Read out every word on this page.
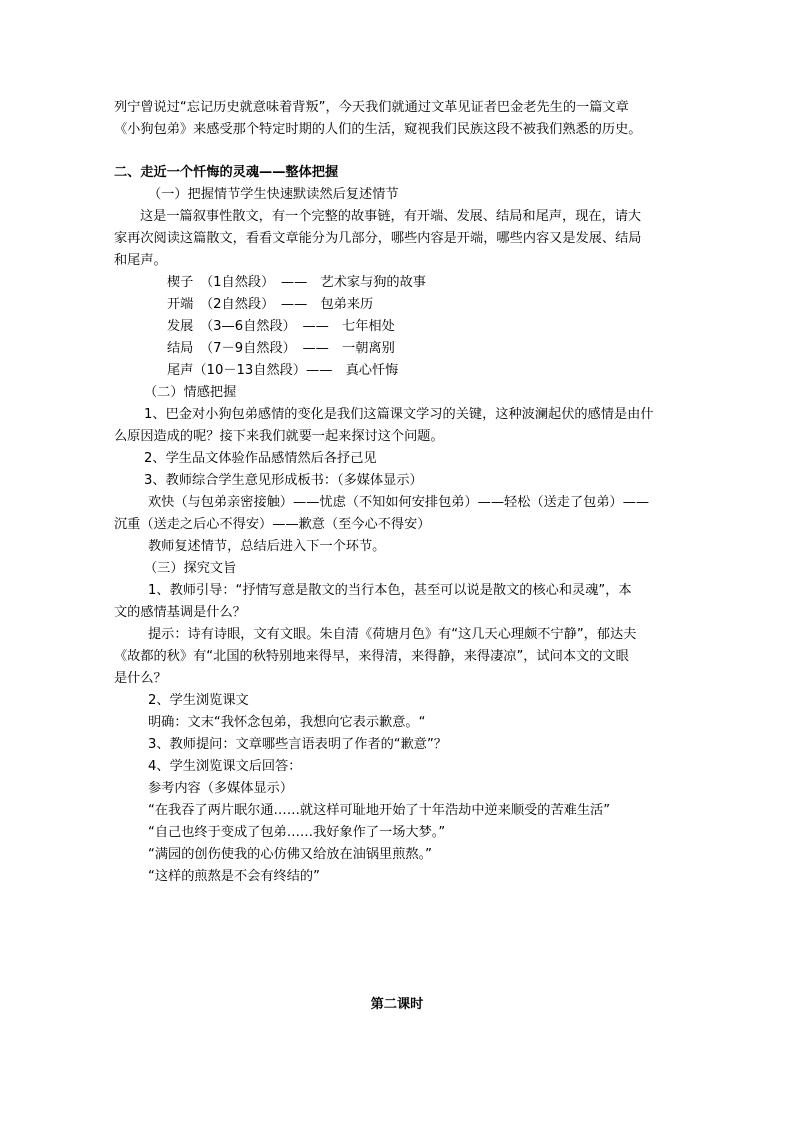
列宁曾说过“忘记历史就意味着背叛”，今天我们就通过文革见证者巴金老先生的一篇文章
《小狗包弟》来感受那个特定时期的人们的生活，窥视我们民族这段不被我们熟悉的历史。
二、走近一个忏悔的灵魂——整体把握
（一）把握情节学生快速默读然后复述情节
这是一篇叙事性散文，有一个完整的故事链，有开端、发展、结局和尾声，现在，请大
家再次阅读这篇散文，看看文章能分为几部分，哪些内容是开端，哪些内容又是发展、结局
和尾声。
楔子　（1自然段）　——　艺术家与狗的故事
开端　（2自然段）　——　包弟来历
发展　（3—6自然段）　——　七年相处
结局　（7－9自然段）　——　一朝离别
尾声（10－13自然段）——　真心忏悔
（二）情感把握
1、巴金对小狗包弟感情的变化是我们这篇课文学习的关键，这种波澜起伏的感情是由什
么原因造成的呢？接下来我们就要一起来探讨这个问题。
2、学生品文体验作品感情然后各抒己见
3、教师综合学生意见形成板书：（多媒体显示）
欢快（与包弟亲密接触）——忧虑（不知如何安排包弟）——轻松（送走了包弟）——
沉重（送走之后心不得安）——歉意（至今心不得安）
教师复述情节，总结后进入下一个环节。
（三）探究文旨
1、教师引导：“抒情写意是散文的当行本色，甚至可以说是散文的核心和灵魂”，本
文的感情基调是什么？
提示：诗有诗眼，文有文眼。朱自清《荷塘月色》有“这几天心理颇不宁静”，郁达夫
《故都的秋》有“北国的秋特别地来得早，来得清，来得静，来得凄凉”，试问本文的文眼
是什么？
2、学生浏览课文
明确：文末“我怀念包弟，我想向它表示歉意。“
3、教师提问：文章哪些言语表明了作者的“歉意”？
4、学生浏览课文后回答：
参考内容（多媒体显示）
“在我吞了两片眠尔通……就这样可耻地开始了十年浩劫中逆来顺受的苦难生活”
“自己也终于变成了包弟……我好象作了一场大梦。”
“满园的创伤使我的心仿佛又给放在油锅里煎熬。”
“这样的煎熬是不会有终结的”
第二课时
